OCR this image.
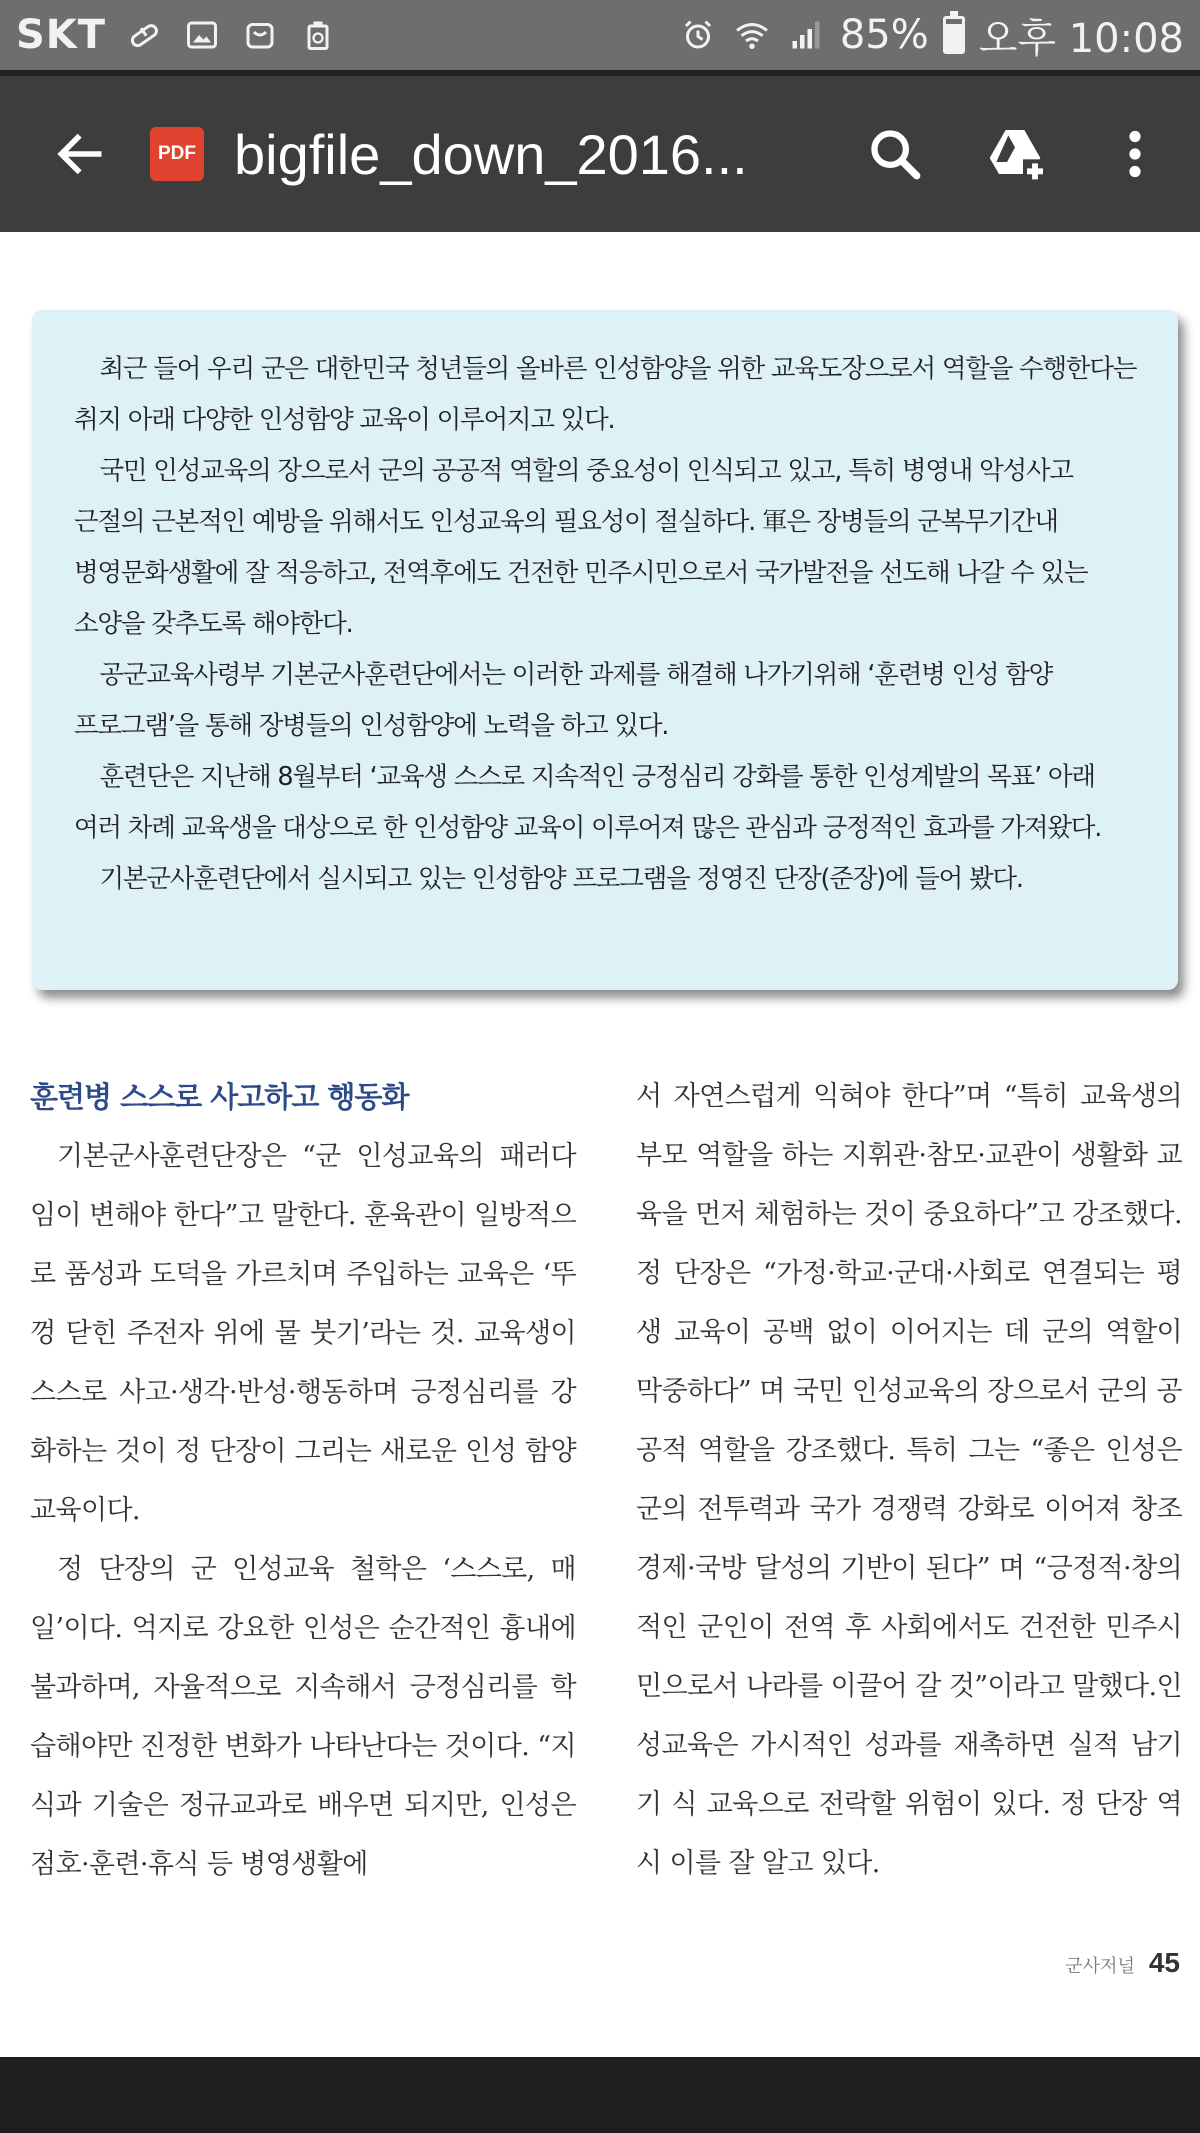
SKT	85% 오후 10:08
PDF bigfile_down_2016...

최근 들어 우리 군은 대한민국 청년들의 올바른 인성함양을 위한 교육도장으로서 역할을 수행한다는 취지 아래 다양한 인성함양 교육이 이루어지고 있다.

국민 인성교육의 장으로서 군의 공공적 역할의 중요성이 인식되고 있고, 특히 병영내 악성사고 근절의 근본적인 예방을 위해서도 인성교육의 필요성이 절실하다. 軍은 장병들의 군복무기간내 병영문화생활에 잘 적응하고, 전역후에도 건전한 민주시민으로서 국가발전을 선도해 나갈 수 있는 소양을 갖추도록 해야한다.

공군교육사령부 기본군사훈련단에서는 이러한 과제를 해결해 나가기위해 ‘훈련병 인성 함양 프로그램’을 통해 장병들의 인성함양에 노력을 하고 있다.

훈련단은 지난해 8월부터 ‘교육생 스스로 지속적인 긍정심리 강화를 통한 인성계발의 목표’ 아래 여러 차례 교육생을 대상으로 한 인성함양 교육이 이루어져 많은 관심과 긍정적인 효과를 가져왔다.

기본군사훈련단에서 실시되고 있는 인성함양 프로그램을 정영진 단장(준장)에 들어 봤다.

훈련병 스스로 사고하고 행동화

기본군사훈련단장은 “군 인성교육의 패러다임이 변해야 한다”고 말한다. 훈육관이 일방적으로 품성과 도덕을 가르치며 주입하는 교육은 ‘뚜껑 닫힌 주전자 위에 물 붓기’라는 것. 교육생이 스스로 사고·생각·반성·행동하며 긍정심리를 강화하는 것이 정 단장이 그리는 새로운 인성 함양 교육이다.

정 단장의 군 인성교육 철학은 ‘스스로, 매일’이다. 억지로 강요한 인성은 순간적인 흉내에 불과하며, 자율적으로 지속해서 긍정심리를 학습해야만 진정한 변화가 나타난다는 것이다. “지식과 기술은 정규교과로 배우면 되지만, 인성은 점호·훈련·휴식 등 병영생활에

서 자연스럽게 익혀야 한다”며 “특히 교육생의 부모 역할을 하는 지휘관·참모·교관이 생활화 교육을 먼저 체험하는 것이 중요하다”고 강조했다.정 단장은 “가정·학교·군대·사회로 연결되는 평생 교육이 공백 없이 이어지는 데 군의 역할이 막중하다” 며 국민 인성교육의 장으로서 군의 공공적 역할을 강조했다. 특히 그는 “좋은 인성은 군의 전투력과 국가 경쟁력 강화로 이어져 창조경제·국방 달성의 기반이 된다” 며 “긍정적·창의적인 군인이 전역 후 사회에서도 건전한 민주시민으로서 나라를 이끌어 갈 것”이라고 말했다.인성교육은 가시적인 성과를 재촉하면 실적 남기기 식 교육으로 전락할 위험이 있다. 정 단장 역시 이를 잘 알고 있다.

군사저널 45
